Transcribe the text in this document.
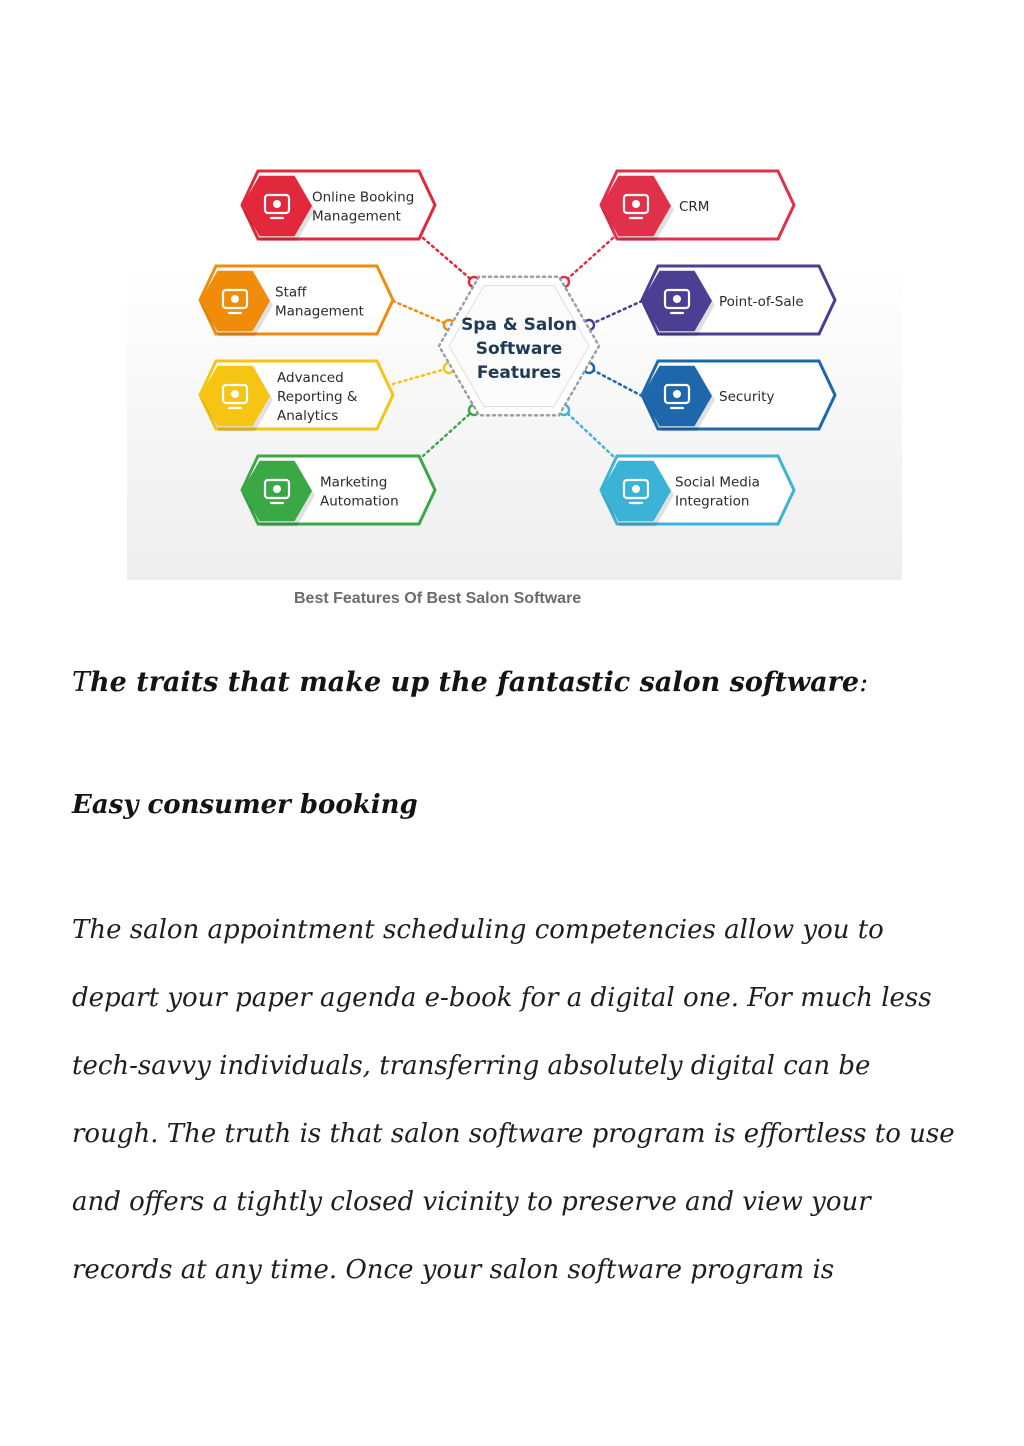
Spa & Salon
Software
Features
Online Booking
Management
Staff
Management
Advanced
Reporting &
Analytics
Marketing
Automation
CRM
Point-of-Sale
Security
Social Media
Integration
Best Features Of Best Salon Software
The traits that make up the fantastic salon software:
Easy consumer booking
The salon appointment scheduling competencies allow you to
depart your paper agenda e-book for a digital one. For much less
tech-savvy individuals, transferring absolutely digital can be
rough. The truth is that salon software program is effortless to use
and offers a tightly closed vicinity to preserve and view your
records at any time. Once your salon software program is
